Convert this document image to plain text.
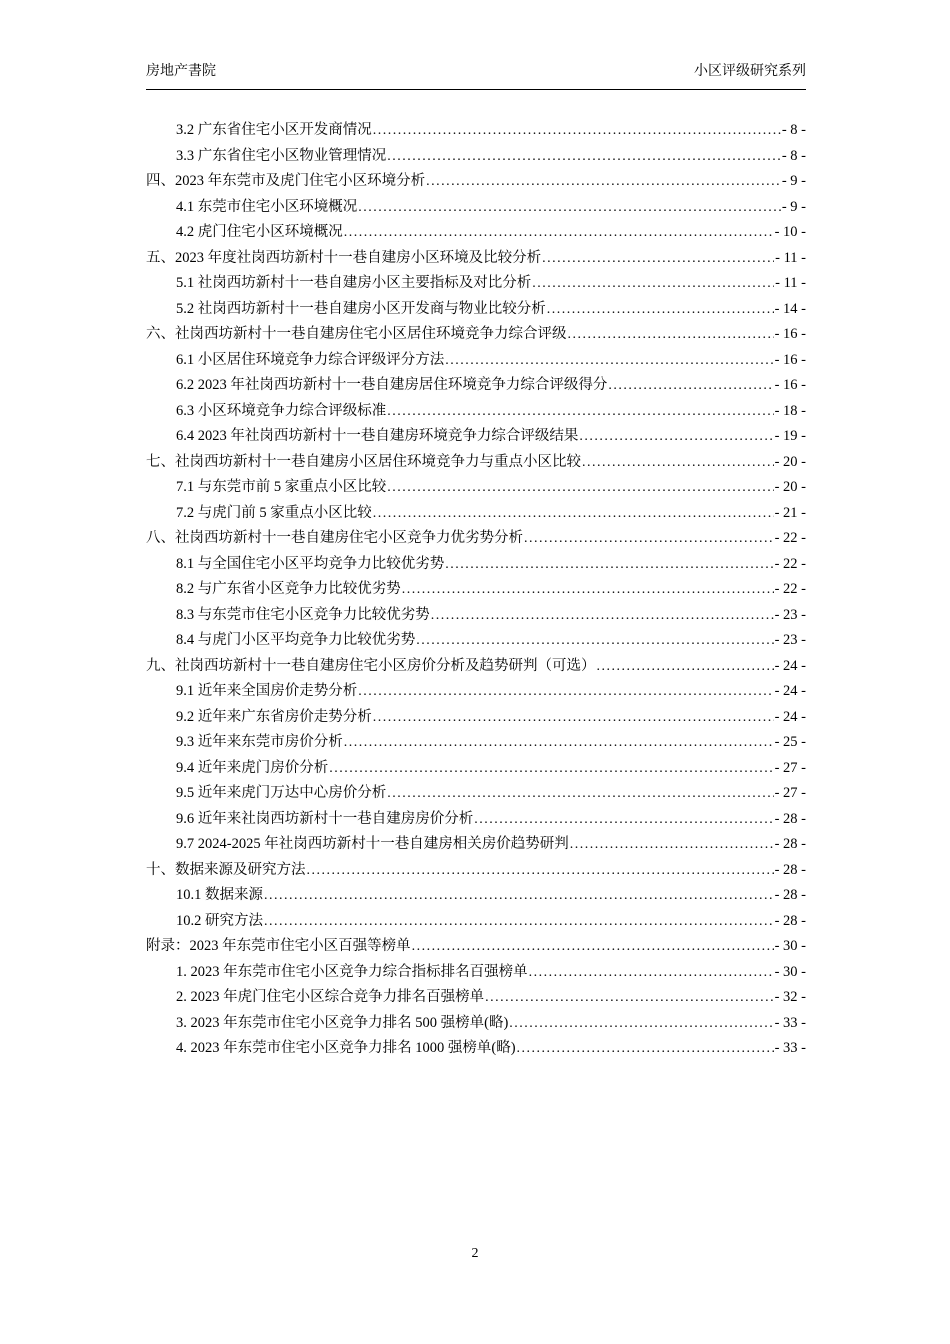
房地产書院	小区评级研究系列
3.2 广东省住宅小区开发商情况 .....	- 8 -
3.3 广东省住宅小区物业管理情况 .....	- 8 -
四、2023 年东莞市及虎门住宅小区环境分析 .....	- 9 -
4.1 东莞市住宅小区环境概况 .....	- 9 -
4.2 虎门住宅小区环境概况 .....	- 10 -
五、2023 年度社岗西坊新村十一巷自建房小区环境及比较分析 .....	- 11 -
5.1 社岗西坊新村十一巷自建房小区主要指标及对比分析 .....	- 11 -
5.2 社岗西坊新村十一巷自建房小区开发商与物业比较分析 .....	- 14 -
六、社岗西坊新村十一巷自建房住宅小区居住环境竞争力综合评级 .....	- 16 -
6.1 小区居住环境竞争力综合评级评分方法 .....	- 16 -
6.2 2023 年社岗西坊新村十一巷自建房居住环境竞争力综合评级得分 .....	- 16 -
6.3 小区环境竞争力综合评级标准 .....	- 18 -
6.4 2023 年社岗西坊新村十一巷自建房环境竞争力综合评级结果 .....	- 19 -
七、社岗西坊新村十一巷自建房小区居住环境竞争力与重点小区比较 .....	- 20 -
7.1 与东莞市前 5 家重点小区比较 .....	- 20 -
7.2 与虎门前 5 家重点小区比较 .....	- 21 -
八、社岗西坊新村十一巷自建房住宅小区竞争力优劣势分析 .....	- 22 -
8.1 与全国住宅小区平均竞争力比较优劣势 .....	- 22 -
8.2 与广东省小区竞争力比较优劣势 .....	- 22 -
8.3 与东莞市住宅小区竞争力比较优劣势 .....	- 23 -
8.4 与虎门小区平均竞争力比较优劣势 .....	- 23 -
九、社岗西坊新村十一巷自建房住宅小区房价分析及趋势研判（可选） .....	- 24 -
9.1 近年来全国房价走势分析 .....	- 24 -
9.2 近年来广东省房价走势分析 .....	- 24 -
9.3 近年来东莞市房价分析 .....	- 25 -
9.4 近年来虎门房价分析 .....	- 27 -
9.5 近年来虎门万达中心房价分析 .....	- 27 -
9.6 近年来社岗西坊新村十一巷自建房房价分析 .....	- 28 -
9.7 2024-2025 年社岗西坊新村十一巷自建房相关房价趋势研判 .....	- 28 -
十、数据来源及研究方法 .....	- 28 -
10.1 数据来源 .....	- 28 -
10.2 研究方法 .....	- 28 -
附录：2023 年东莞市住宅小区百强等榜单 .....	- 30 -
1. 2023 年东莞市住宅小区竞争力综合指标排名百强榜单 .....	- 30 -
2. 2023 年虎门住宅小区综合竞争力排名百强榜单 .....	- 32 -
3. 2023 年东莞市住宅小区竞争力排名 500 强榜单(略) .....	- 33 -
4. 2023 年东莞市住宅小区竞争力排名 1000 强榜单(略) .....	- 33 -
2
